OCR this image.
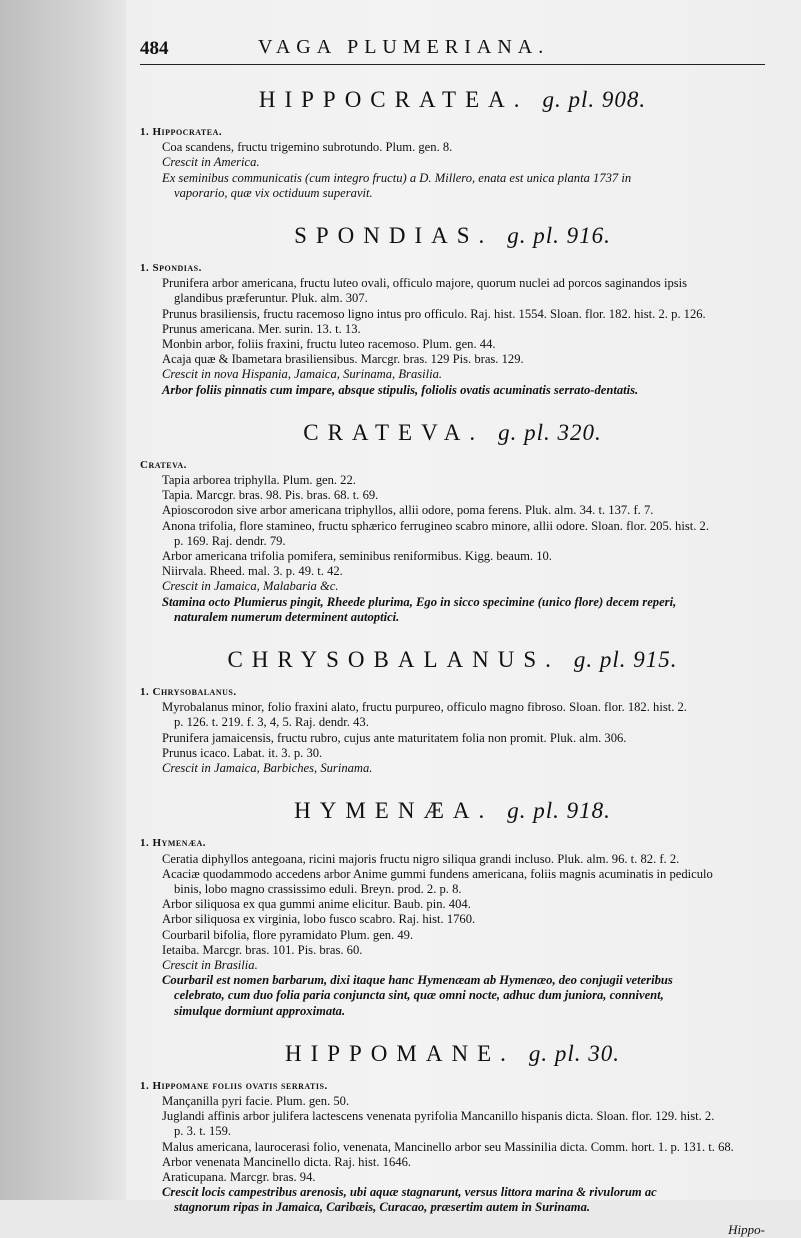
484	VAGA PLUMERIANA.
HIPPOCRATEA. g. pl. 908.
1. Hippocratea.
Coa scandens, fructu trigemino subrotundo. Plum. gen. 8.
Crescit in America.
Ex seminibus communicatis (cum integro fructu) a D. Millero, enata est unica planta 1737 in
vaporario, quæ vix octiduum superavit.
SPONDIAS. g. pl. 916.
1. Spondias.
Prunifera arbor americana, fructu luteo ovali, officulo majore, quorum nuclei ad porcos saginandos ipsis
glandibus præferuntur. Pluk. alm. 307.
Prunus brasiliensis, fructu racemoso ligno intus pro officulo. Raj. hist. 1554. Sloan. flor. 182. hist. 2. p. 126.
Prunus americana. Mer. surin. 13. t. 13.
Monbin arbor, foliis fraxini, fructu luteo racemoso. Plum. gen. 44.
Acaja quæ & Ibametara brasiliensibus. Marcgr. bras. 129 Pis. bras. 129.
Crescit in nova Hispania, Jamaica, Surinama, Brasilia.
Arbor foliis pinnatis cum impare, absque stipulis, foliolis ovatis acuminatis serrato-dentatis.
CRATEVA. g. pl. 320.
Crateva.
Tapia arborea triphylla. Plum. gen. 22.
Tapia. Marcgr. bras. 98. Pis. bras. 68. t. 69.
Apioscorodon sive arbor americana triphyllos, allii odore, poma ferens. Pluk. alm. 34. t. 137. f. 7.
Anona trifolia, flore stamineo, fructu sphærico ferrugineo scabro minore, allii odore. Sloan. flor. 205. hist. 2.
p. 169. Raj. dendr. 79.
Arbor americana trifolia pomifera, seminibus reniformibus. Kigg. beaum. 10.
Niirvala. Rheed. mal. 3. p. 49. t. 42.
Crescit in Jamaica, Malabaria &c.
Stamina octo Plumierus pingit, Rheede plurima, Ego in sicco specimine (unico flore) decem reperi,
naturalem numerum determinent autoptici.
CHRYSOBALANUS. g. pl. 915.
1. Chrysobalanus.
Myrobalanus minor, folio fraxini alato, fructu purpureo, officulo magno fibroso. Sloan. flor. 182. hist. 2.
p. 126. t. 219. f. 3, 4, 5. Raj. dendr. 43.
Prunifera jamaicensis, fructu rubro, cujus ante maturitatem folia non promit. Pluk. alm. 306.
Prunus icaco. Labat. it. 3. p. 30.
Crescit in Jamaica, Barbiches, Surinama.
HYMENÆA. g. pl. 918.
1. Hymenæa.
Ceratia diphyllos antegoana, ricini majoris fructu nigro siliqua grandi incluso. Pluk. alm. 96. t. 82. f. 2.
Acaciæ quodammodo accedens arbor Anime gummi fundens americana, foliis magnis acuminatis in pediculo
binis, lobo magno crassissimo eduli. Breyn. prod. 2. p. 8.
Arbor siliquosa ex qua gummi anime elicitur. Baub. pin. 404.
Arbor siliquosa ex virginia, lobo fusco scabro. Raj. hist. 1760.
Courbaril bifolia, flore pyramidato Plum. gen. 49.
Ietaiba. Marcgr. bras. 101. Pis. bras. 60.
Crescit in Brasilia.
Courbaril est nomen barbarum, dixi itaque hanc Hymenæam ab Hymenæo, deo conjugii veteribus
celebrato, cum duo folia paria conjuncta sint, quæ omni nocte, adhuc dum juniora, connivent,
simulque dormiunt approximata.
HIPPOMANE. g. pl. 30.
1. Hippomane foliis ovatis serratis.
Mançanilla pyri facie. Plum. gen. 50.
Juglandi affinis arbor julifera lactescens venenata pyrifolia Mancanillo hispanis dicta. Sloan. flor. 129. hist. 2.
p. 3. t. 159.
Malus americana, laurocerasi folio, venenata, Mancinello arbor seu Massinilia dicta. Comm. hort. 1. p. 131. t. 68.
Arbor venenata Mancinello dicta. Raj. hist. 1646.
Araticupana. Marcgr. bras. 94.
Crescit locis campestribus arenosis, ubi aquæ stagnarunt, versus littora marina & rivulorum ac
stagnorum ripas in Jamaica, Caribæis, Curacao, præsertim autem in Surinama.
Hippo-
